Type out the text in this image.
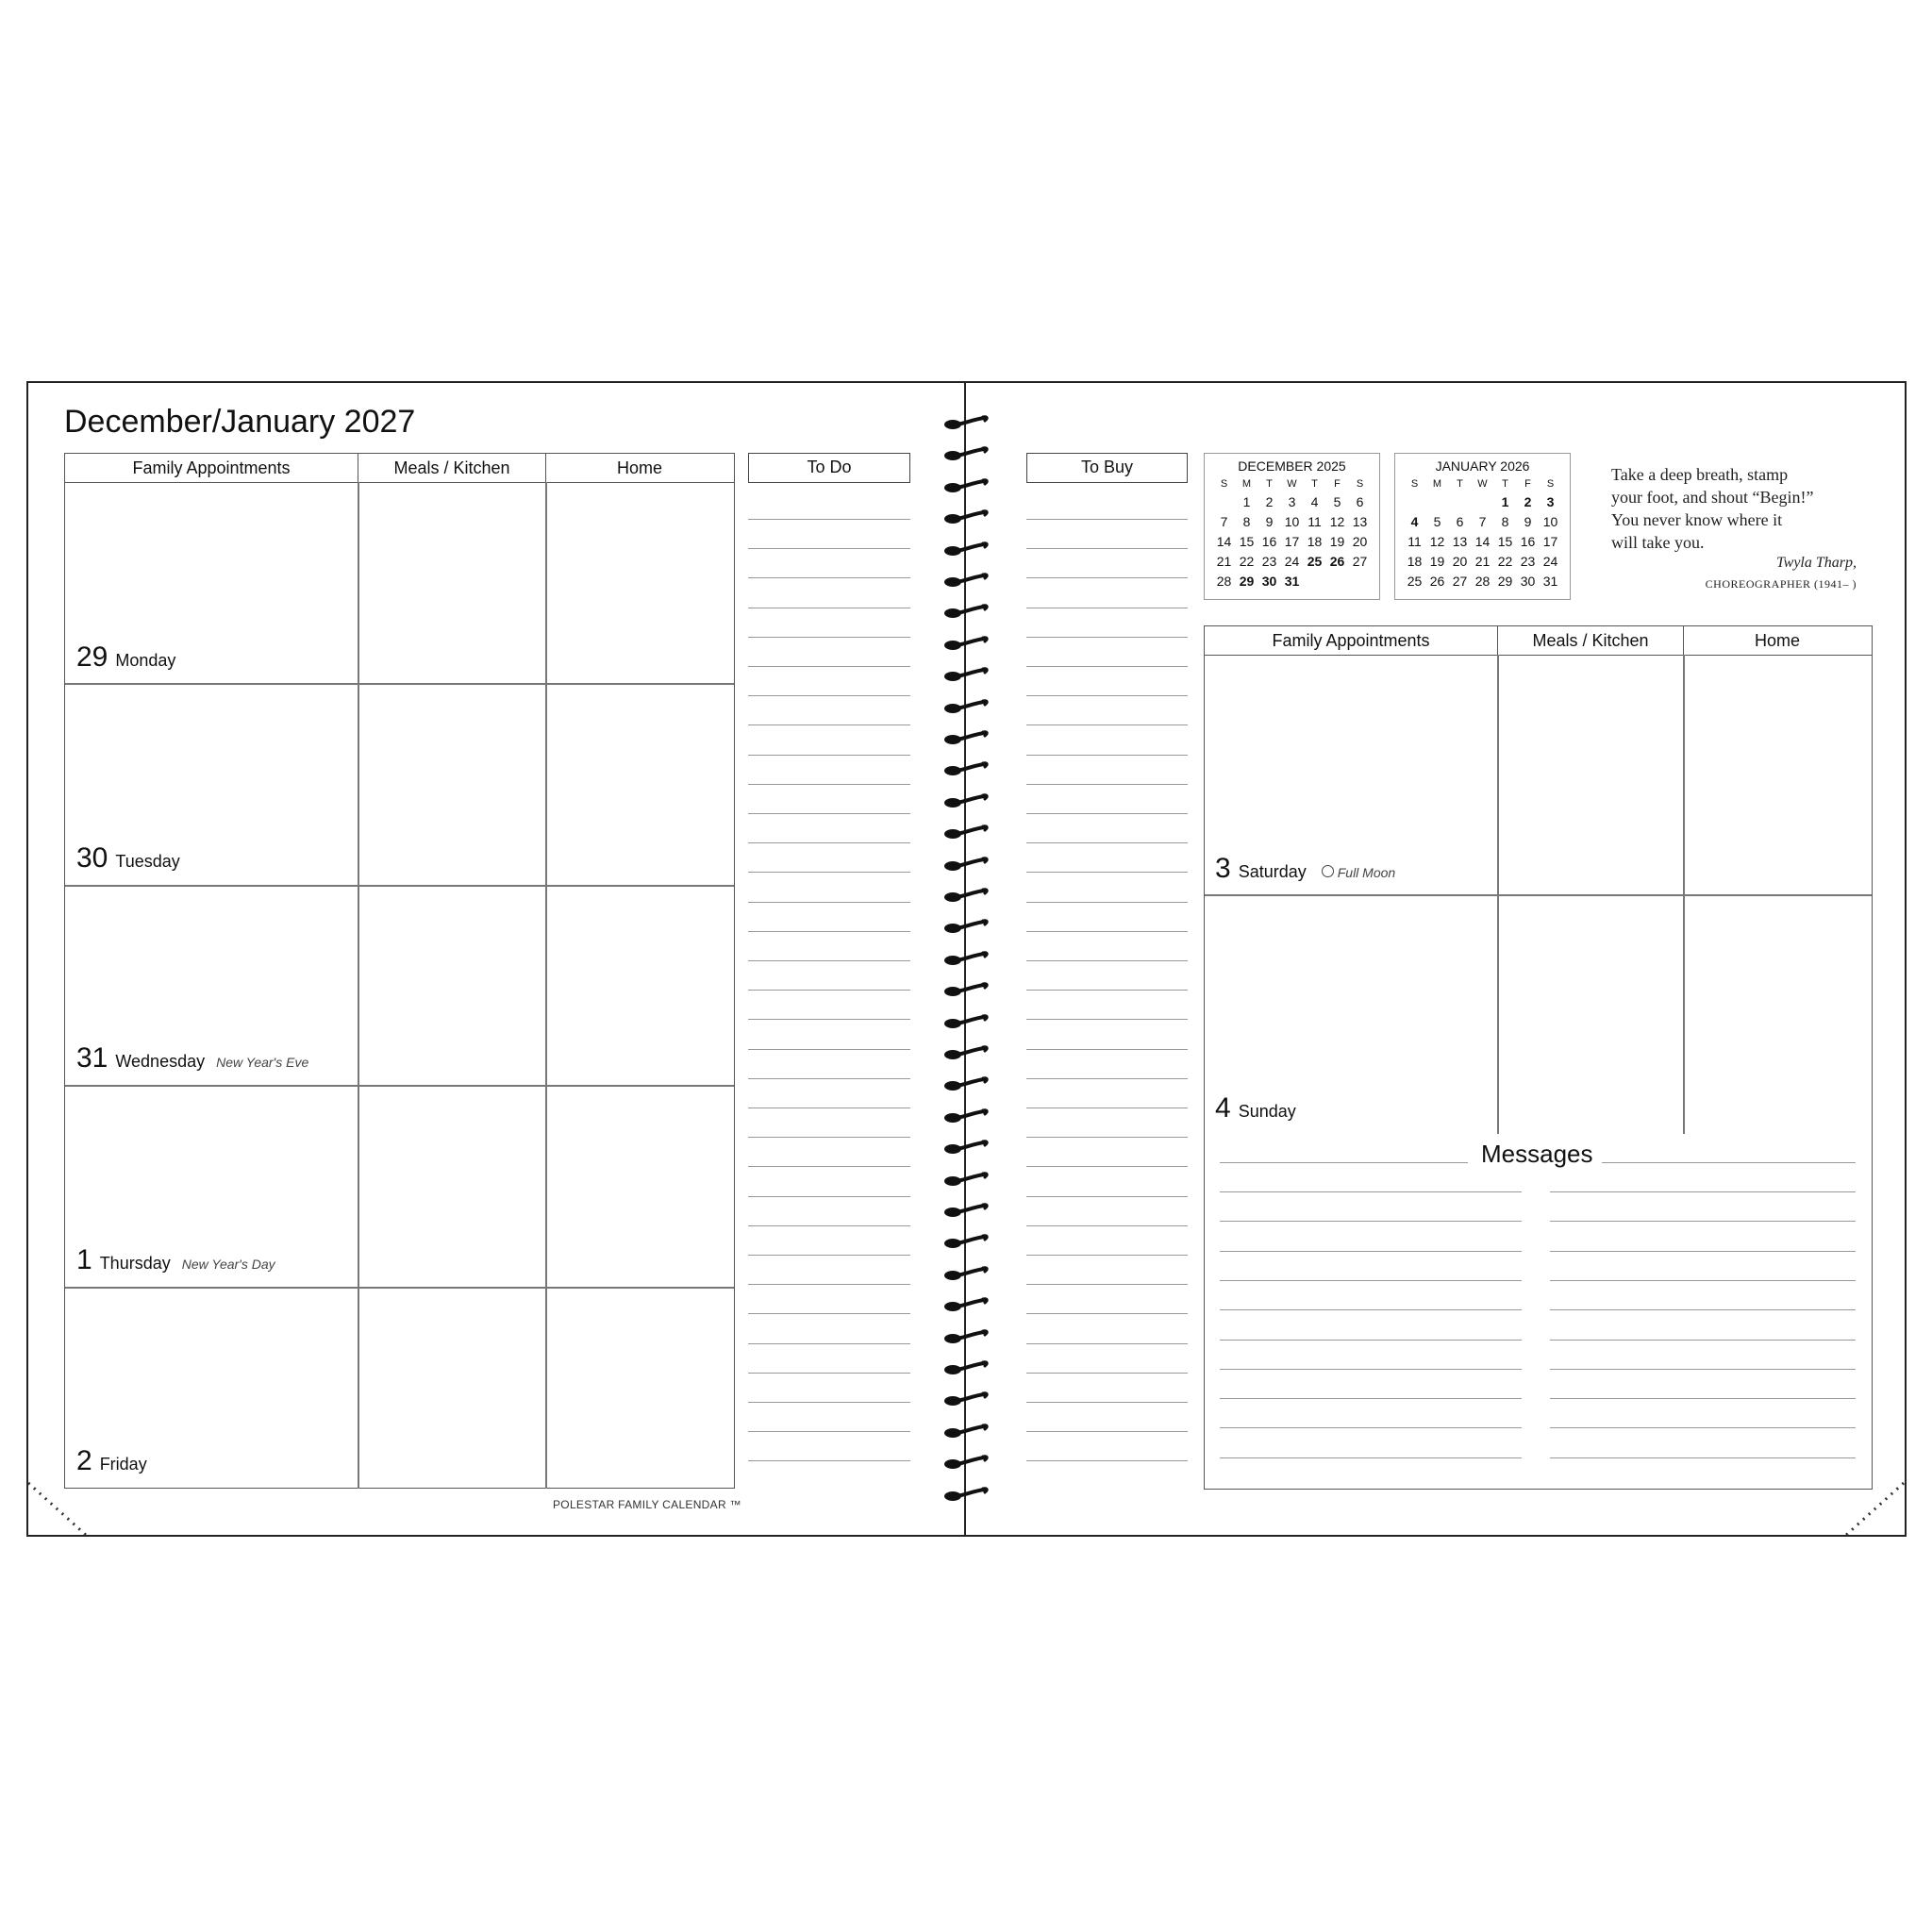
December/January 2027
Family Appointments	Meals / Kitchen	Home
29 Monday
30 Tuesday
31 Wednesday New Year's Eve
1 Thursday New Year's Day
2 Friday
POLESTAR FAMILY CALENDAR ™
To Do	To Buy	DECEMBER 2025
S	M	T	W	T	F	S
	1	2	3	4	5	6
7	8	9	10	11	12	13
14	15	16	17	18	19	20
21	22	23	24	25	26	27
28	29	30	31			
JANUARY 2026
S	M	T	W	T	F	S
				1	2	3
4	5	6	7	8	9	10
11	12	13	14	15	16	17
18	19	20	21	22	23	24
25	26	27	28	29	30	31
Take a deep breath, stamp
your foot, and shout “Begin!”
You never know where it
will take you.
Twyla Tharp,
CHOREOGRAPHER (1941– )
Family Appointments	Meals / Kitchen	Home
3 Saturday Full Moon
4 Sunday
Messages
